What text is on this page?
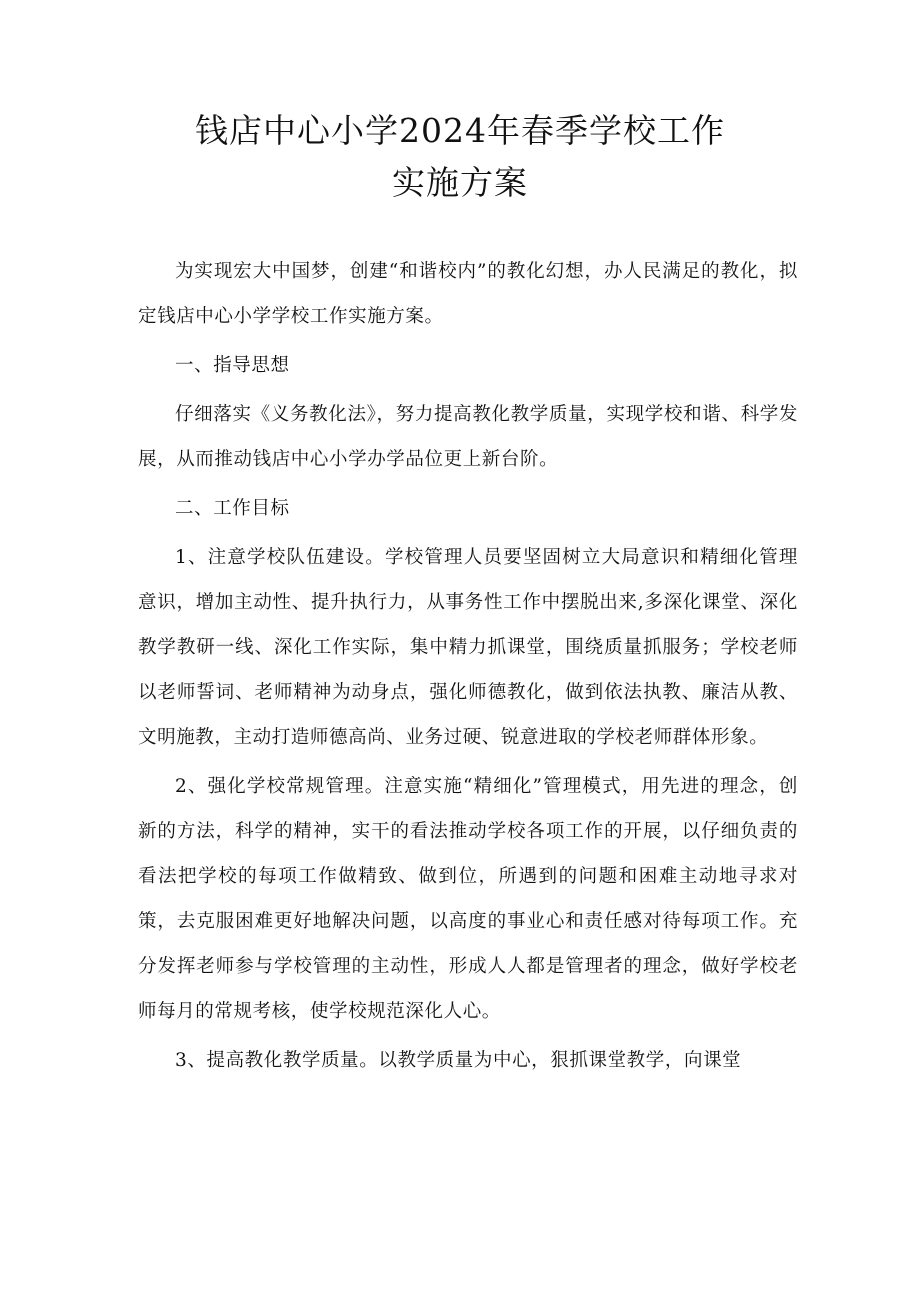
钱店中心小学2024年春季学校工作
实施方案

为实现宏大中国梦，创建“和谐校内”的教化幻想，办人民满足的教化，拟定钱店中心小学学校工作实施方案。

一、指导思想

仔细落实《义务教化法》，努力提高教化教学质量，实现学校和谐、科学发展，从而推动钱店中心小学办学品位更上新台阶。

二、工作目标

1、注意学校队伍建设。学校管理人员要坚固树立大局意识和精细化管理意识，增加主动性、提升执行力，从事务性工作中摆脱出来,多深化课堂、深化教学教研一线、深化工作实际，集中精力抓课堂，围绕质量抓服务；学校老师以老师誓词、老师精神为动身点，强化师德教化，做到依法执教、廉洁从教、文明施教，主动打造师德高尚、业务过硬、锐意进取的学校老师群体形象。

2、强化学校常规管理。注意实施“精细化”管理模式，用先进的理念，创新的方法，科学的精神，实干的看法推动学校各项工作的开展，以仔细负责的看法把学校的每项工作做精致、做到位，所遇到的问题和困难主动地寻求对策，去克服困难更好地解决问题，以高度的事业心和责任感对待每项工作。充分发挥老师参与学校管理的主动性，形成人人都是管理者的理念，做好学校老师每月的常规考核，使学校规范深化人心。

3、提高教化教学质量。以教学质量为中心，狠抓课堂教学，向课堂
